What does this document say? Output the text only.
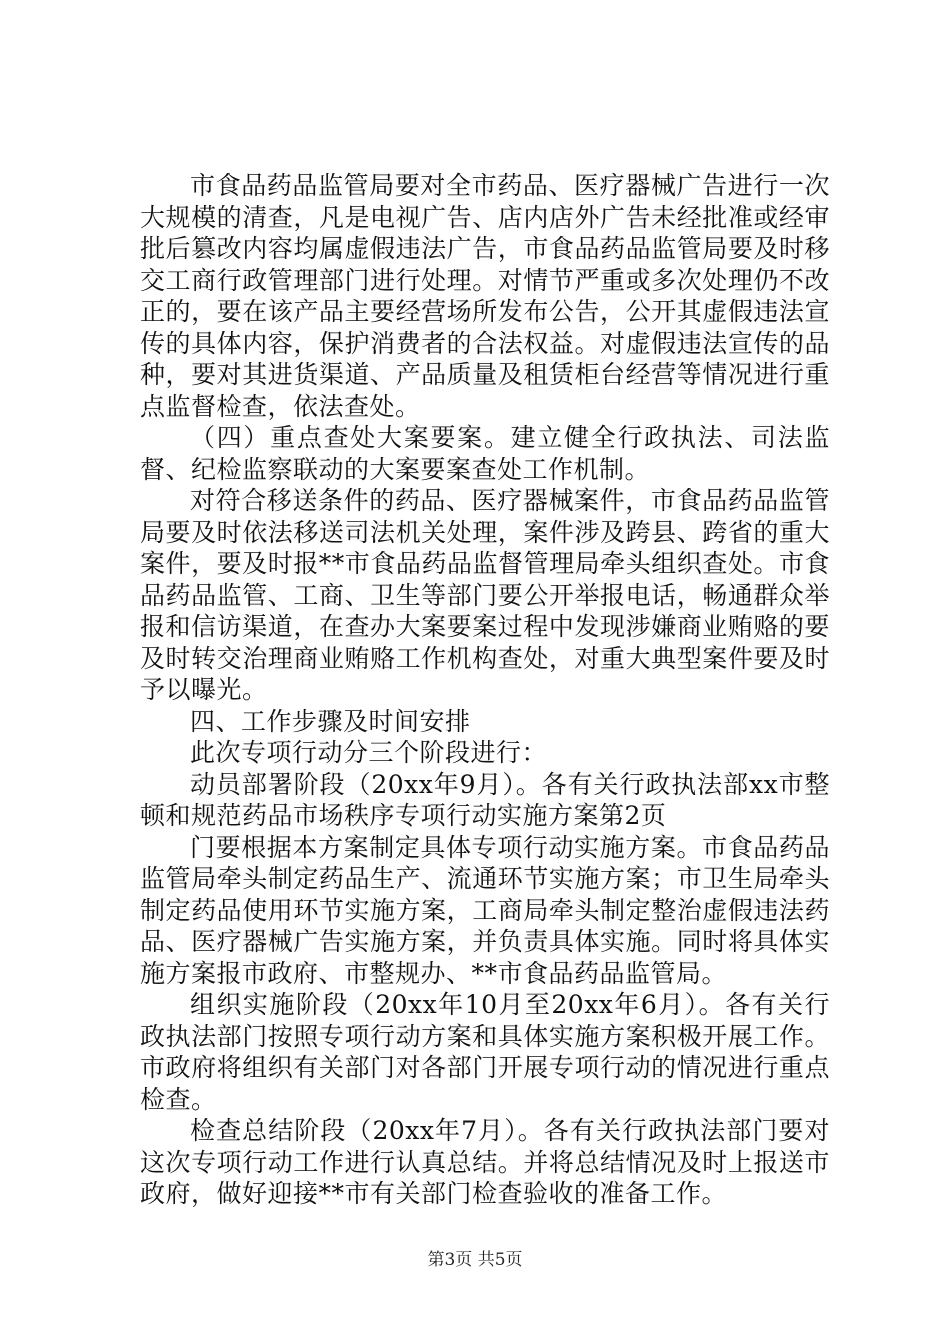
市食品药品监管局要对全市药品、医疗器械广告进行一次大规模的清查，凡是电视广告、店内店外广告未经批准或经审批后篡改内容均属虚假违法广告，市食品药品监管局要及时移交工商行政管理部门进行处理。对情节严重或多次处理仍不改正的，要在该产品主要经营场所发布公告，公开其虚假违法宣传的具体内容，保护消费者的合法权益。对虚假违法宣传的品种，要对其进货渠道、产品质量及租赁柜台经营等情况进行重点监督检查，依法查处。

（四）重点查处大案要案。建立健全行政执法、司法监督、纪检监察联动的大案要案查处工作机制。

对符合移送条件的药品、医疗器械案件，市食品药品监管局要及时依法移送司法机关处理，案件涉及跨县、跨省的重大案件，要及时报**市食品药品监督管理局牵头组织查处。市食品药品监管、工商、卫生等部门要公开举报电话，畅通群众举报和信访渠道，在查办大案要案过程中发现涉嫌商业贿赂的要及时转交治理商业贿赂工作机构查处，对重大典型案件要及时予以曝光。

四、工作步骤及时间安排

此次专项行动分三个阶段进行：

动员部署阶段（20xx年9月）。各有关行政执法部xx市整顿和规范药品市场秩序专项行动实施方案第2页

门要根据本方案制定具体专项行动实施方案。市食品药品监管局牵头制定药品生产、流通环节实施方案；市卫生局牵头制定药品使用环节实施方案，工商局牵头制定整治虚假违法药品、医疗器械广告实施方案，并负责具体实施。同时将具体实施方案报市政府、市整规办、**市食品药品监管局。

组织实施阶段（20xx年10月至20xx年6月）。各有关行政执法部门按照专项行动方案和具体实施方案积极开展工作。市政府将组织有关部门对各部门开展专项行动的情况进行重点检查。

检查总结阶段（20xx年7月）。各有关行政执法部门要对这次专项行动工作进行认真总结。并将总结情况及时上报送市政府，做好迎接**市有关部门检查验收的准备工作。

第3页 共5页
